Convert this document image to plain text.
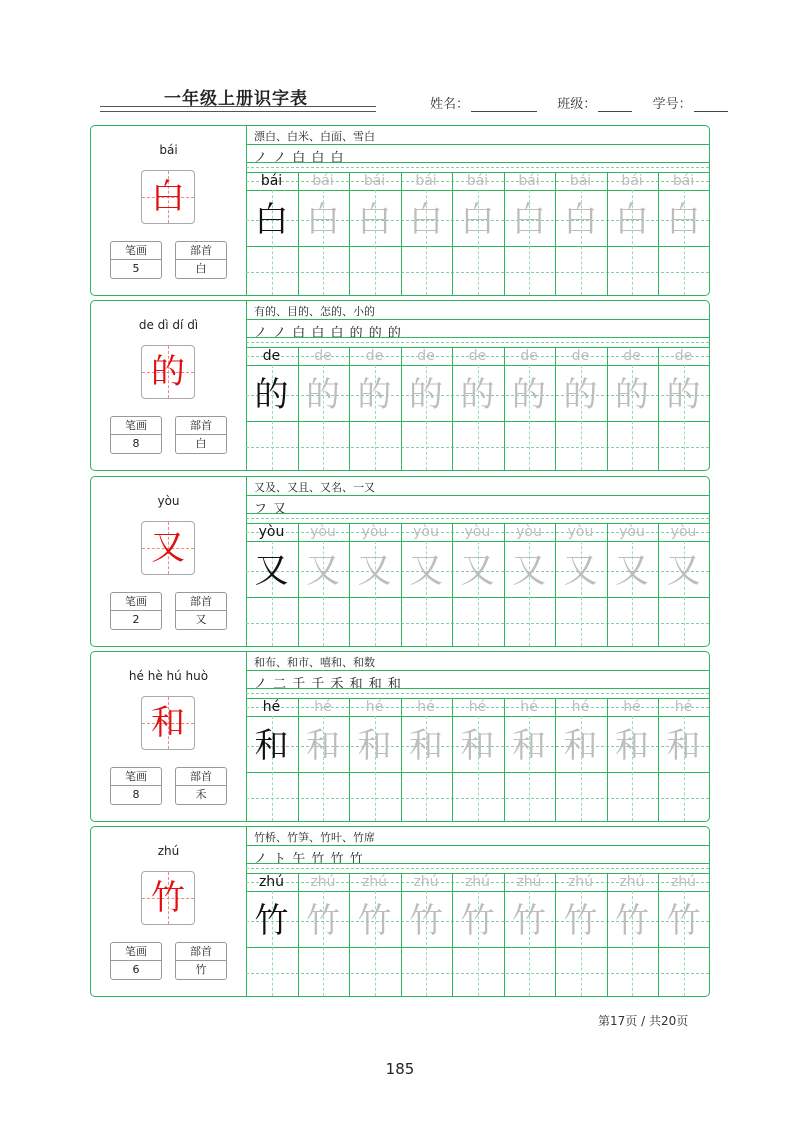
一年级上册识字表	姓名：	班级：	学号：
bái
白
笔画
5
部首
白
漂白、白米、白面、雪白
ノ ノ 白 白 白
bái
白
bái
白
bái
白
bái
白
bái
白
bái
白
bái
白
bái
白
bái
白
de dì dí dì
的
笔画
8
部首
白
有的、目的、怎的、小的
ノ ノ 白 白 白 的 的 的
de
的
de
的
de
的
de
的
de
的
de
的
de
的
de
的
de
的
yòu
又
笔画
2
部首
又
又及、又且、又名、一又
フ 又
yòu
又
yòu
又
yòu
又
yòu
又
yòu
又
yòu
又
yòu
又
yòu
又
yòu
又
hé hè hú huò
和
笔画
8
部首
禾
和布、和市、嘻和、和数
ノ 二 千 千 禾 和 和 和
hé
和
hé
和
hé
和
hé
和
hé
和
hé
和
hé
和
hé
和
hé
和
zhú
竹
笔画
6
部首
竹
竹桥、竹笋、竹叶、竹席
ノ ト 午 竹 竹 竹
zhú
竹
zhú
竹
zhú
竹
zhú
竹
zhú
竹
zhú
竹
zhú
竹
zhú
竹
zhú
竹
第17页 / 共20页
185
